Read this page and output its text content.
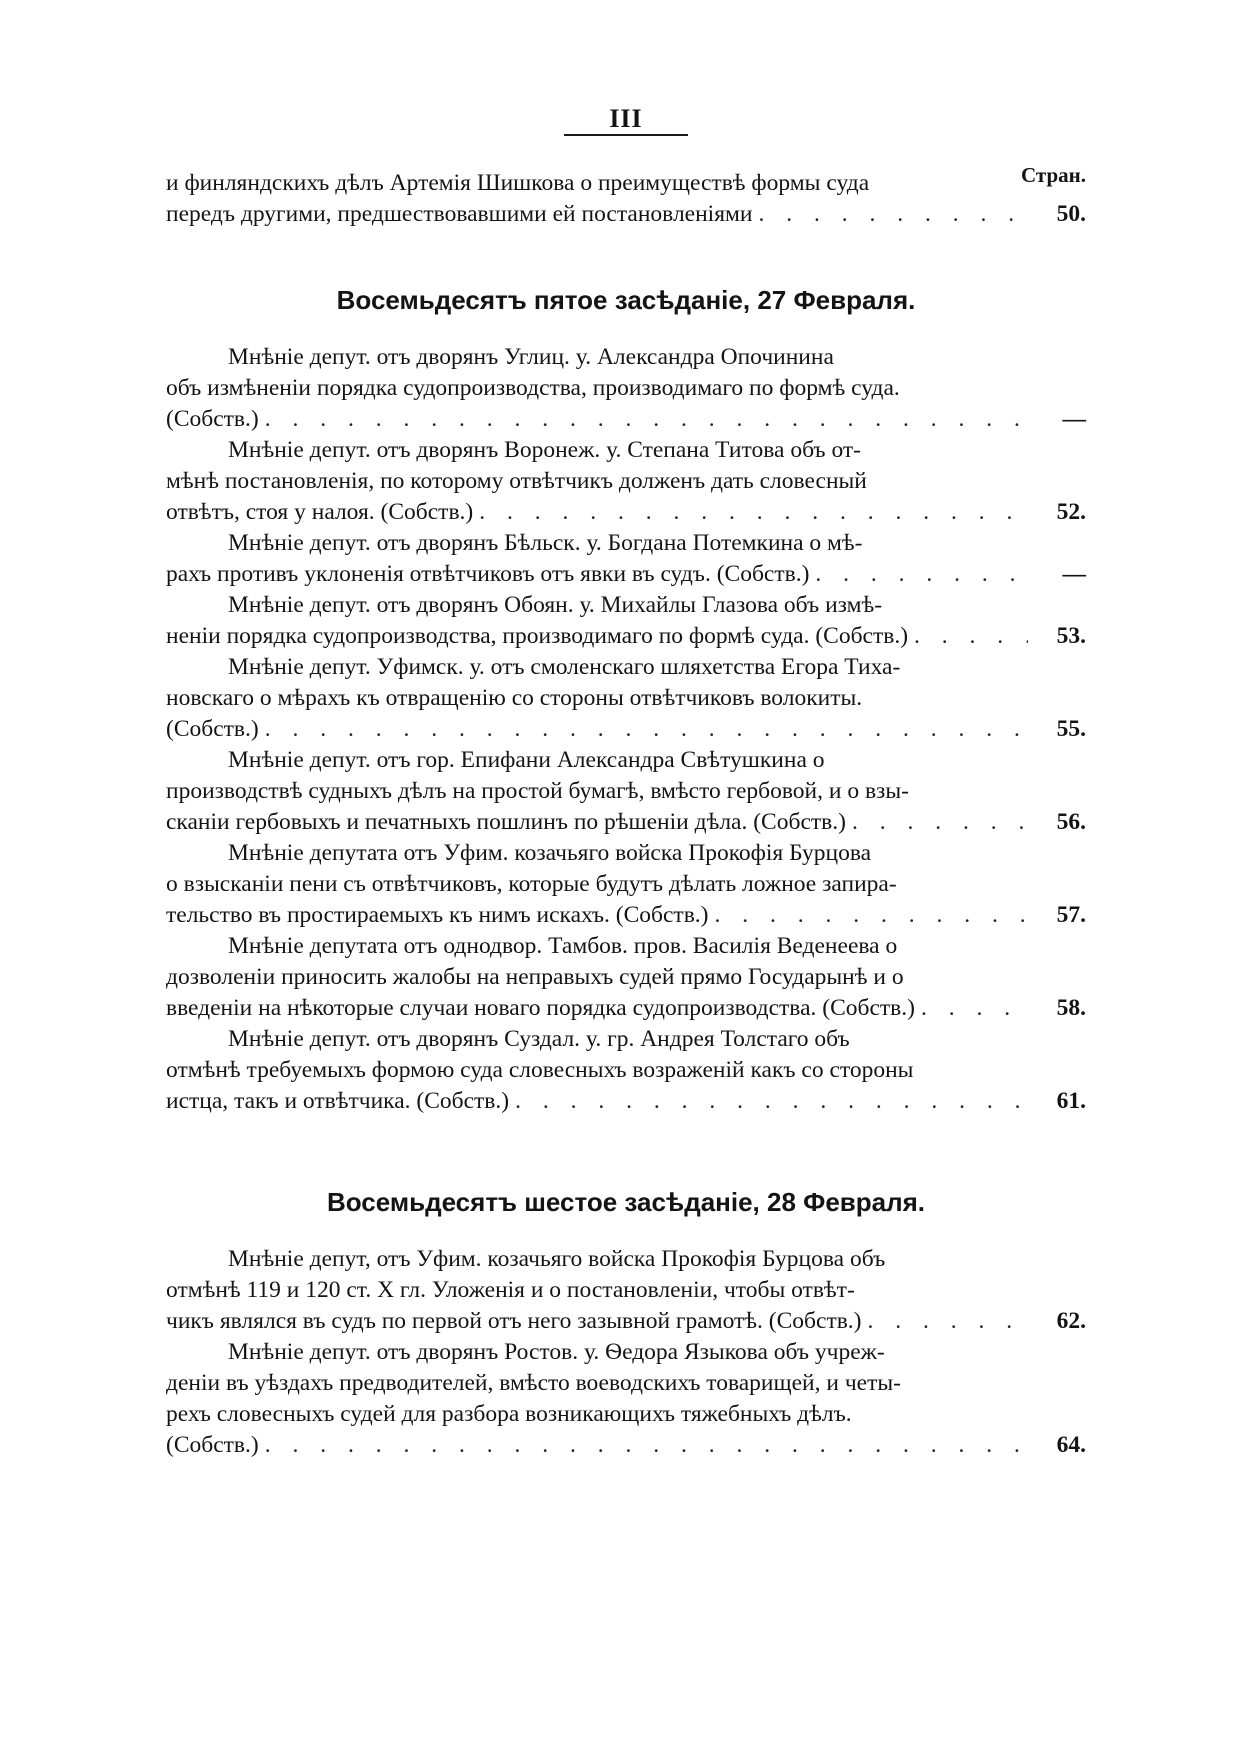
III
Стран.
и финляндскихъ дѣлъ Артемія Шишкова о преимуществѣ формы суда
передъ другими, предшествовавшими ей постановленіями . . .	50.
Восемьдесятъ пятое засѣданіе, 27 Февраля.
Мнѣніе депут. отъ дворянъ Углиц. у. Александра Опочинина
объ измѣненіи порядка судопроизводства, производимаго по формѣ суда.
(Собств.) . . .	—
Мнѣніе депут. отъ дворянъ Воронеж. у. Степана Титова объ от-
мѣнѣ постановленія, по которому отвѣтчикъ долженъ дать словесный
отвѣтъ, стоя у налоя. (Собств.) . . .	52.
Мнѣніе депут. отъ дворянъ Бѣльск. у. Богдана Потемкина о мѣ-
рахъ противъ уклоненія отвѣтчиковъ отъ явки въ судъ. (Собств.) . . .	—
Мнѣніе депут. отъ дворянъ Обоян. у. Михайлы Глазова объ измѣ-
неніи порядка судопроизводства, производимаго по формѣ суда. (Собств.) . . .	53.
Мнѣніе депут. Уфимск. у. отъ смоленскаго шляхетства Егора Тиха-
новскаго о мѣрахъ къ отвращенію со стороны отвѣтчиковъ волокиты.
(Собств.) . . .	55.
Мнѣніе депут. отъ гор. Епифани Александра Свѣтушкина о
производствѣ судныхъ дѣлъ на простой бумагѣ, вмѣсто гербовой, и о взы-
сканіи гербовыхъ и печатныхъ пошлинъ по рѣшеніи дѣла. (Собств.) . . .	56.
Мнѣніе депутата отъ Уфим. козачьяго войска Прокофія Бурцова
о взысканіи пени съ отвѣтчиковъ, которые будутъ дѣлать ложное запира-
тельство въ простираемыхъ къ нимъ искахъ. (Собств.) . . .	57.
Мнѣніе депутата отъ однодвор. Тамбов. пров. Василія Веденеева о
дозволеніи приносить жалобы на неправыхъ судей прямо Государынѣ и о
введеніи на нѣкоторые случаи новаго порядка судопроизводства. (Собств.) . . .	58.
Мнѣніе депут. отъ дворянъ Суздал. у. гр. Андрея Толстаго объ
отмѣнѣ требуемыхъ формою суда словесныхъ возраженій какъ со стороны
истца, такъ и отвѣтчика. (Собств.) . . .	61.
Восемьдесятъ шестое засѣданіе, 28 Февраля.
Мнѣніе депут, отъ Уфим. козачьяго войска Прокофія Бурцова объ
отмѣнѣ 119 и 120 ст. X гл. Уложенія и о постановленіи, чтобы отвѣт-
чикъ являлся въ судъ по первой отъ него зазывной грамотѣ. (Собств.) . . .	62.
Мнѣніе депут. отъ дворянъ Ростов. у. Ѳедора Языкова объ учреж-
деніи въ уѣздахъ предводителей, вмѣсто воеводскихъ товарищей, и четы-
рехъ словесныхъ судей для разбора возникающихъ тяжебныхъ дѣлъ.
(Собств.) . . .	64.
